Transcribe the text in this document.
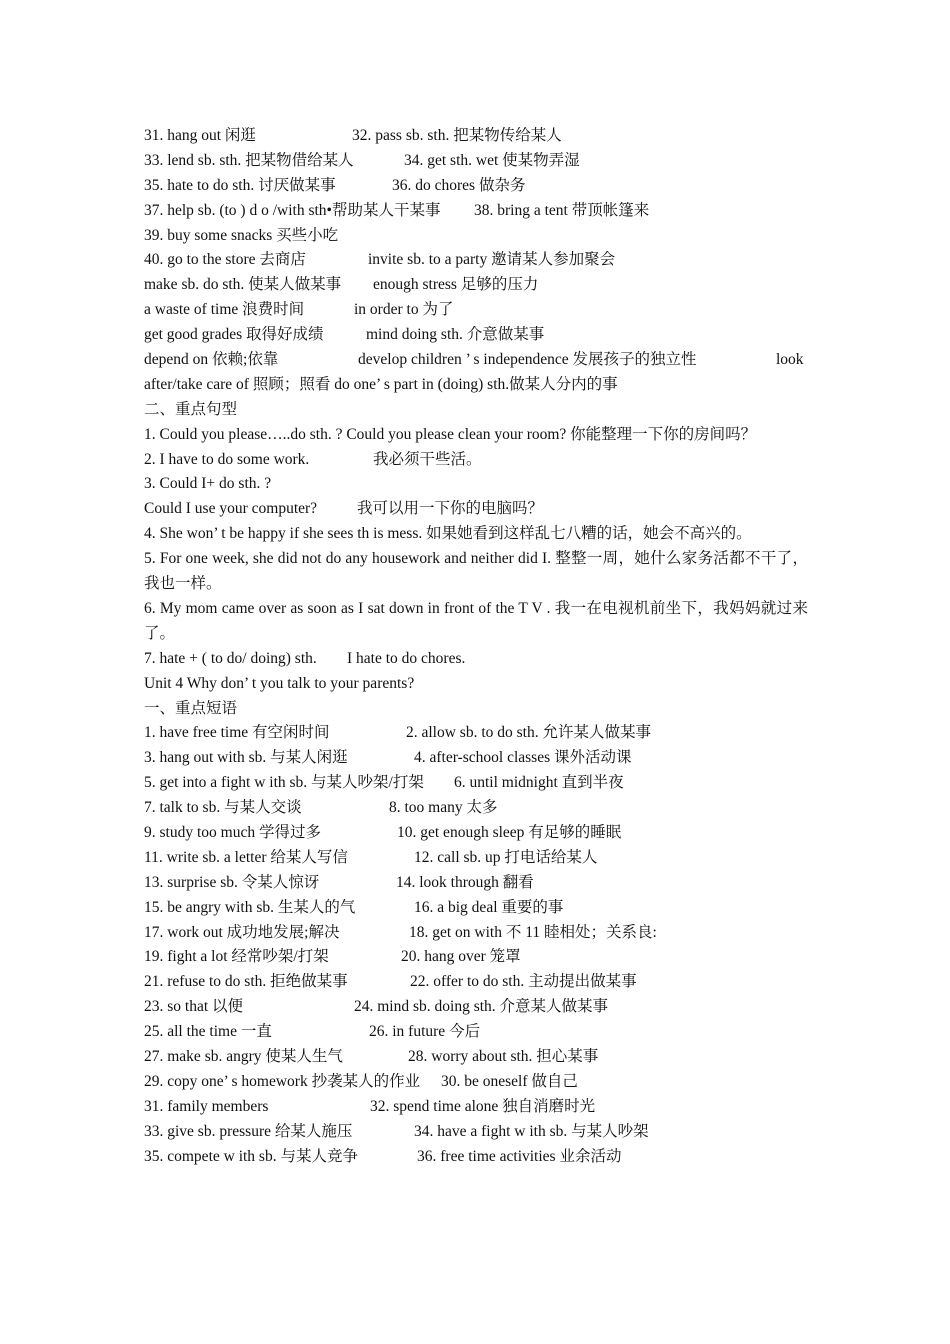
31. hang out 闲逛	32. pass sb. sth. 把某物传给某人
33. lend sb. sth. 把某物借给某人	34. get sth. wet 使某物弄湿
35. hate to do sth. 讨厌做某事	36. do chores 做杂务
37. help sb. (to ) d o /with sth•帮助某人干某事 38. bring a tent 带顶帐篷来
39. buy some snacks 买些小吃
40. go to the store 去商店	invite sb. to a party 邀请某人参加聚会
make sb. do sth. 使某人做某事 enough stress 足够的压力
a waste of time 浪费时间	in order to 为了
get good grades 取得好成绩	mind doing sth. 介意做某事
depend on 依赖;依靠	develop children ’ s independence 发展孩子的独立性	look
after/take care of 照顾；照看 do one’ s part in (doing) sth.做某人分内的事
二、重点句型
1. Could you please…..do sth. ? Could you please clean your room? 你能整理一下你的房间吗？
2. I have to do some work.	我必须干些活。
3. Could I+ do sth. ?
Could I use your computer?	我可以用一下你的电脑吗？
4. She won’ t be happy if she sees th is mess. 如果她看到这样乱七八糟的话，她会不高兴的。
5. For one week, she did not do any housework and neither did I. 整整一周，她什么家务活都不干了，我也一样。
6. My mom came over as soon as I sat down in front of the T V . 我一在电视机前坐下，我妈妈就过来了。
7. hate + ( to do/ doing) sth. I hate to do chores.
Unit 4 Why don’ t you talk to your parents?
一、重点短语
1. have free time 有空闲时间	2. allow sb. to do sth. 允许某人做某事
3. hang out with sb. 与某人闲逛	4. after-school classes 课外活动课
5. get into a fight w ith sb. 与某人吵架/打架 6. until midnight 直到半夜
7. talk to sb. 与某人交谈	8. too many 太多
9. study too much 学得过多	10. get enough sleep 有足够的睡眠
11. write sb. a letter 给某人写信	12. call sb. up 打电话给某人
13. surprise sb. 令某人惊讶	14. look through 翻看
15. be angry with sb. 生某人的气	16. a big deal 重要的事
17. work out 成功地发展;解决	18. get on with 不 11 睦相处；关系良:
19. fight a lot 经常吵架/打架	20. hang over 笼罩
21. refuse to do sth. 拒绝做某事	22. offer to do sth. 主动提出做某事
23. so that 以便	24. mind sb. doing sth. 介意某人做某事
25. all the time 一直	26. in future 今后
27. make sb. angry 使某人生气	28. worry about sth. 担心某事
29. copy one’ s homework 抄袭某人的作业 30. be oneself 做自己
31. family members	32. spend time alone 独自消磨时光
33. give sb. pressure 给某人施压	34. have a fight w ith sb. 与某人吵架
35. compete w ith sb. 与某人竞争	36. free time activities 业余活动
